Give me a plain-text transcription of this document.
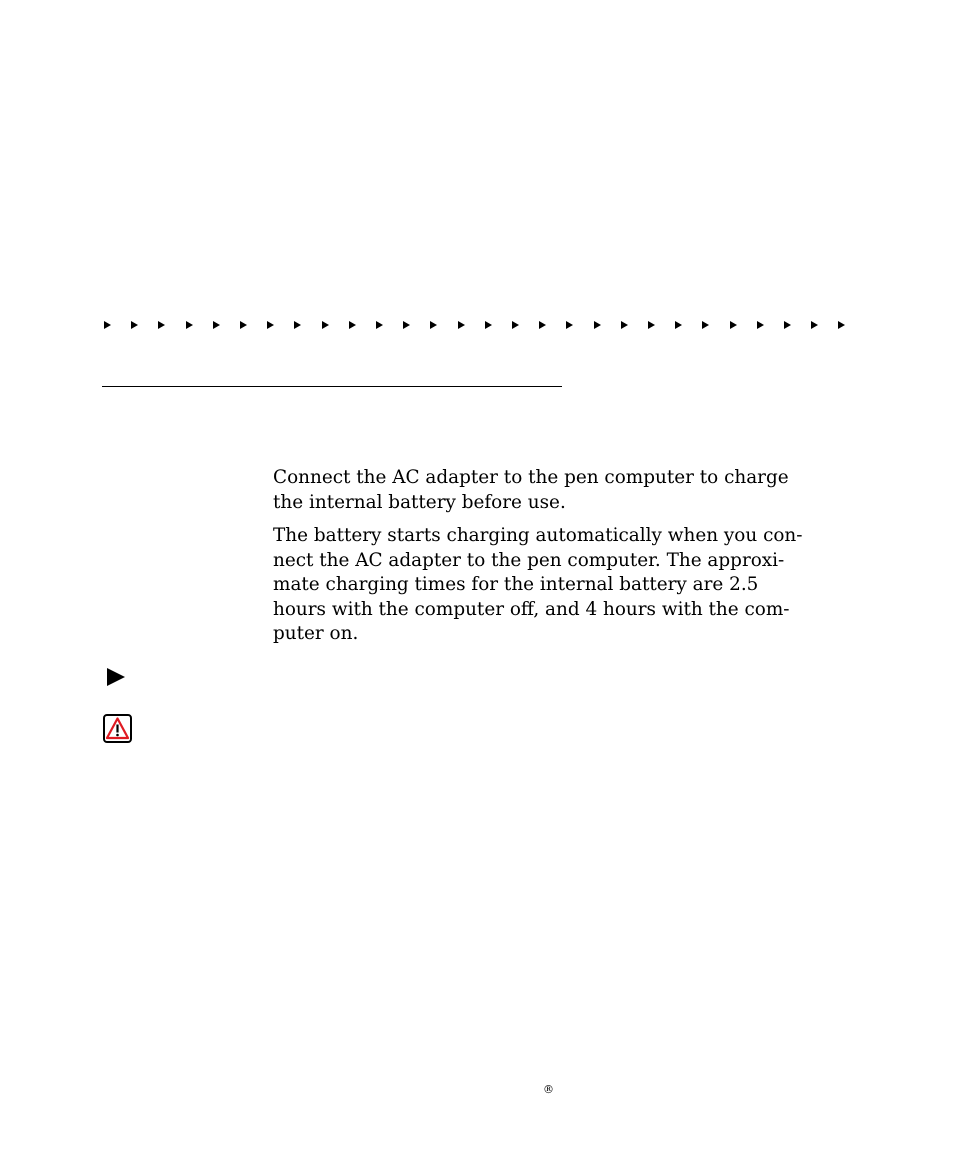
Connect the AC adapter to the pen computer to charge
the internal battery before use.

The battery starts charging automatically when you con-
nect the AC adapter to the pen computer. The approxi-
mate charging times for the internal battery are 2.5
hours with the computer off, and 4 hours with the com-
puter on.

®
